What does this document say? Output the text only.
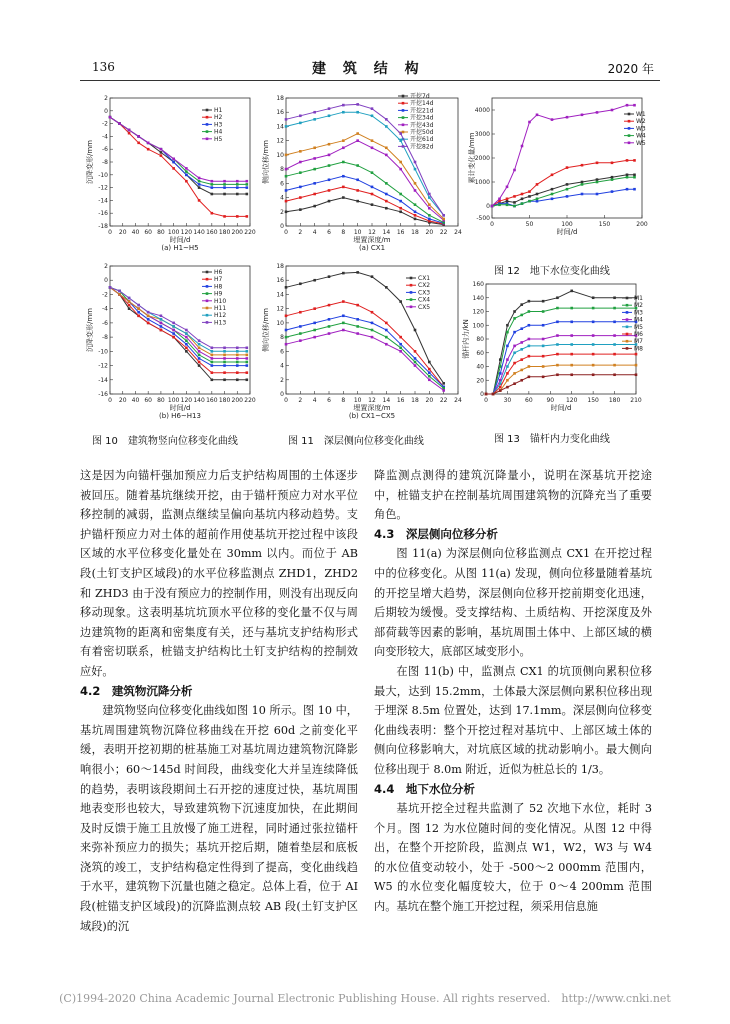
136	建 筑 结 构	2020 年
0 20 40 60 80 100 120 140 160 180 200 220
2
0
-2
-4
-6
-8
-10
-12
-14
-16
-18
时间/d
沉降变形/mm
(a) H1~H5
H1
H2
H3
H4
H5
0 20 40 60 80 100 120 140 160 180 200 220
2
0
-2
-4
-6
-8
-10
-12
-14
-16
时间/d
沉降变形/mm
(b) H6~H13
H6
H7
H8
H9
H10
H11
H12
H13
0 2 4 6 8 10 12 14 16 18 20 22 24
0
2
4
6
8
10
12
14
16
18
埋置深度/m
侧向位移/mm
(a) CX1
开挖7d
开挖14d
开挖21d
开挖34d
开挖43d
开挖50d
开挖61d
开挖82d
0 2 4 6 8 10 12 14 16 18 20 22 24
0
2
4
6
8
10
12
14
16
18
埋置深度/m
侧向位移/mm
(b) CX1~CX5
CX1
CX2
CX3
CX4
CX5
0	50	100	150	200
-500
0
1000
2000
3000
4000
时间/d
累计变化量/mm
W1
W2
W3
W4
W5
0	30 60 90 120 150 180 210
0
20
40
60
80
100
120
140
160
时间/d
锚杆内力/kN
M1
M2
M3
M4
M5
M6
M7
M8
图 10　建筑物竖向位移变化曲线	图 11　深层侧向位移变化曲线
图 12　地下水位变化曲线
图 13　锚杆内力变化曲线

这是因为向锚杆强加预应力后支护结构周围的土体逐步被回压。随着基坑继续开挖，由于锚杆预应力对水平位移控制的减弱，监测点继续呈偏向基坑内移动趋势。支护锚杆预应力对土体的超前作用使基坑开挖过程中该段区域的水平位移变化量处在 30mm 以内。而位于 AB 段(土钉支护区域段)的水平位移监测点 ZHD1，ZHD2 和 ZHD3 由于没有预应力的控制作用，则没有出现反向移动现象。这表明基坑坑顶水平位移的变化量不仅与周边建筑物的距离和密集度有关，还与基坑支护结构形式有着密切联系，桩锚支护结构比土钉支护结构的控制效应好。

4.2　建筑物沉降分析

建筑物竖向位移变化曲线如图 10 所示。图 10 中，基坑周围建筑物沉降位移曲线在开挖 60d 之前变化平缓，表明开挖初期的桩基施工对基坑周边建筑物沉降影响很小；60～145d 时间段，曲线变化大并呈连续降低的趋势，表明该段期间土石开挖的速度过快，基坑周围地表变形也较大，导致建筑物下沉速度加快，在此期间及时反馈于施工且放慢了施工进程，同时通过张拉锚杆来弥补预应力的损失；基坑开挖后期，随着垫层和底板浇筑的竣工，支护结构稳定性得到了提高，变化曲线趋于水平，建筑物下沉量也随之稳定。总体上看，位于 AI 段(桩锚支护区域段)的沉降监测点较 AB 段(土钉支护区域段)的沉

降监测点测得的建筑沉降量小，说明在深基坑开挖途中，桩锚支护在控制基坑周围建筑物的沉降充当了重要角色。

4.3　深层侧向位移分析

图 11(a) 为深层侧向位移监测点 CX1 在开挖过程中的位移变化。从图 11(a) 发现，侧向位移量随着基坑的开挖呈增大趋势，深层侧向位移开挖前期变化迅速，后期较为缓慢。受支撑结构、土质结构、开挖深度及外部荷载等因素的影响，基坑周围土体中、上部区域的横向变形较大，底部区域变形小。

在图 11(b) 中，监测点 CX1 的坑顶侧向累积位移最大，达到 15.2mm，土体最大深层侧向累积位移出现于埋深 8.5m 位置处，达到 17.1mm。深层侧向位移变化曲线表明：整个开挖过程对基坑中、上部区域土体的侧向位移影响大，对坑底区域的扰动影响小。最大侧向位移出现于 8.0m 附近，近似为桩总长的 1/3。

4.4　地下水位分析

基坑开挖全过程共监测了 52 次地下水位，耗时 3 个月。图 12 为水位随时间的变化情况。从图 12 中得出，在整个开挖阶段，监测点 W1，W2，W3 与 W4 的水位值变动较小，处于 -500～2 000mm 范围内，W5 的水位变化幅度较大，位于 0～4 200mm 范围内。基坑在整个施工开挖过程，须采用信息施

(C)1994-2020 China Academic Journal Electronic Publishing House. All rights reserved.　http://www.cnki.net
